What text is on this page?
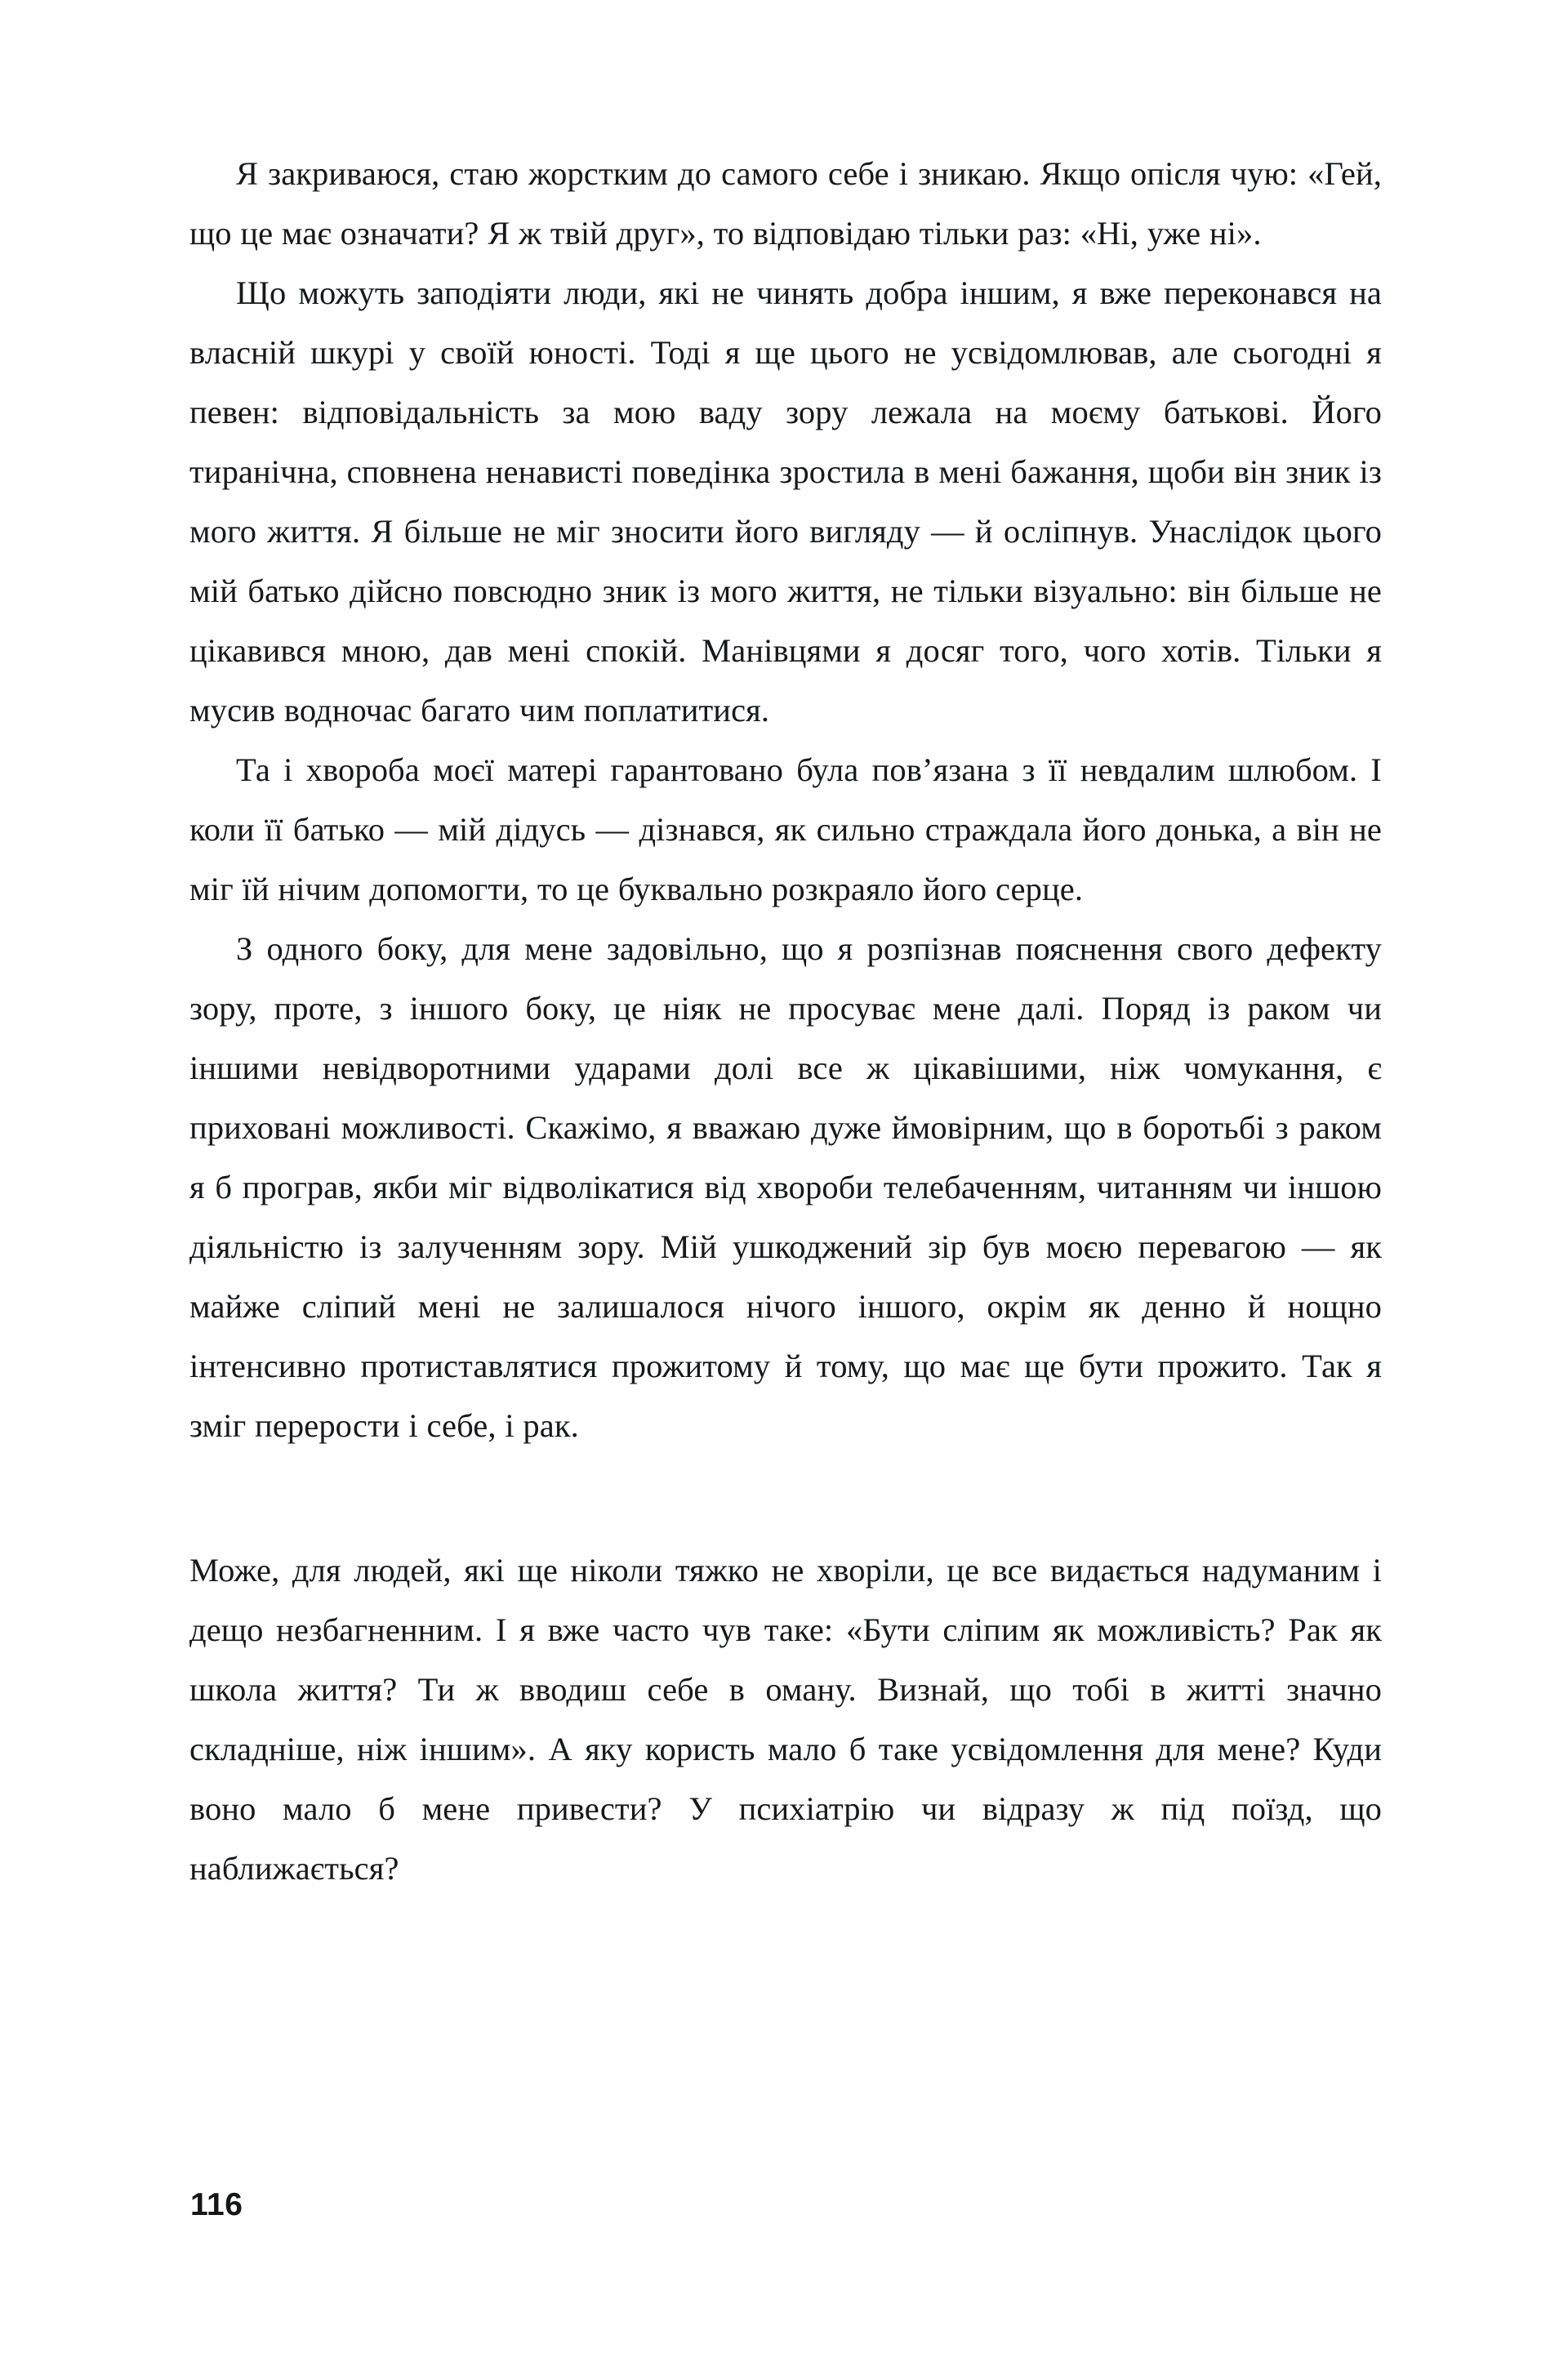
Я закриваюся, стаю жорстким до самого себе і зникаю. Якщо опісля чую: «Гей, що це має означати? Я ж твій друг», то відповідаю тільки раз: «Ні, уже ні».

Що можуть заподіяти люди, які не чинять добра іншим, я вже переконався на власній шкурі у своїй юності. Тоді я ще цього не усвідомлював, але сьогодні я певен: відповідальність за мою ваду зору лежала на моєму батькові. Його тиранічна, сповнена ненависті поведінка зростила в мені бажання, щоби він зник із мого життя. Я більше не міг зносити його вигляду — й осліпнув. Унаслідок цього мій батько дійсно повсюдно зник із мого життя, не тільки візуально: він більше не цікавився мною, дав мені спокій. Манівцями я досяг того, чого хотів. Тільки я мусив водночас багато чим поплатитися.

Та і хвороба моєї матері гарантовано була пов’язана з її невдалим шлюбом. І коли її батько — мій дідусь — дізнався, як сильно страждала його донька, а він не міг їй нічим допомогти, то це буквально розкраяло його серце.

З одного боку, для мене задовільно, що я розпізнав пояснення свого дефекту зору, проте, з іншого боку, це ніяк не просуває мене далі. Поряд із раком чи іншими невідворотними ударами долі все ж цікавішими, ніж чомукання, є приховані можливості. Скажімо, я вважаю дуже ймовірним, що в боротьбі з раком я б програв, якби міг відволікатися від хвороби телебаченням, читанням чи іншою діяльністю із залученням зору. Мій ушкоджений зір був моєю перевагою — як майже сліпий мені не залишалося нічого іншого, окрім як денно й нощно інтенсивно протиставлятися прожитому й тому, що має ще бути прожито. Так я зміг перерости і себе, і рак.

Може, для людей, які ще ніколи тяжко не хворіли, це все видається надуманим і дещо незбагненним. І я вже часто чув таке: «Бути сліпим як можливість? Рак як школа життя? Ти ж вводиш себе в оману. Визнай, що тобі в житті значно складніше, ніж іншим». А яку користь мало б таке усвідомлення для мене? Куди воно мало б мене привести? У психіатрію чи відразу ж під поїзд, що наближається?

116
